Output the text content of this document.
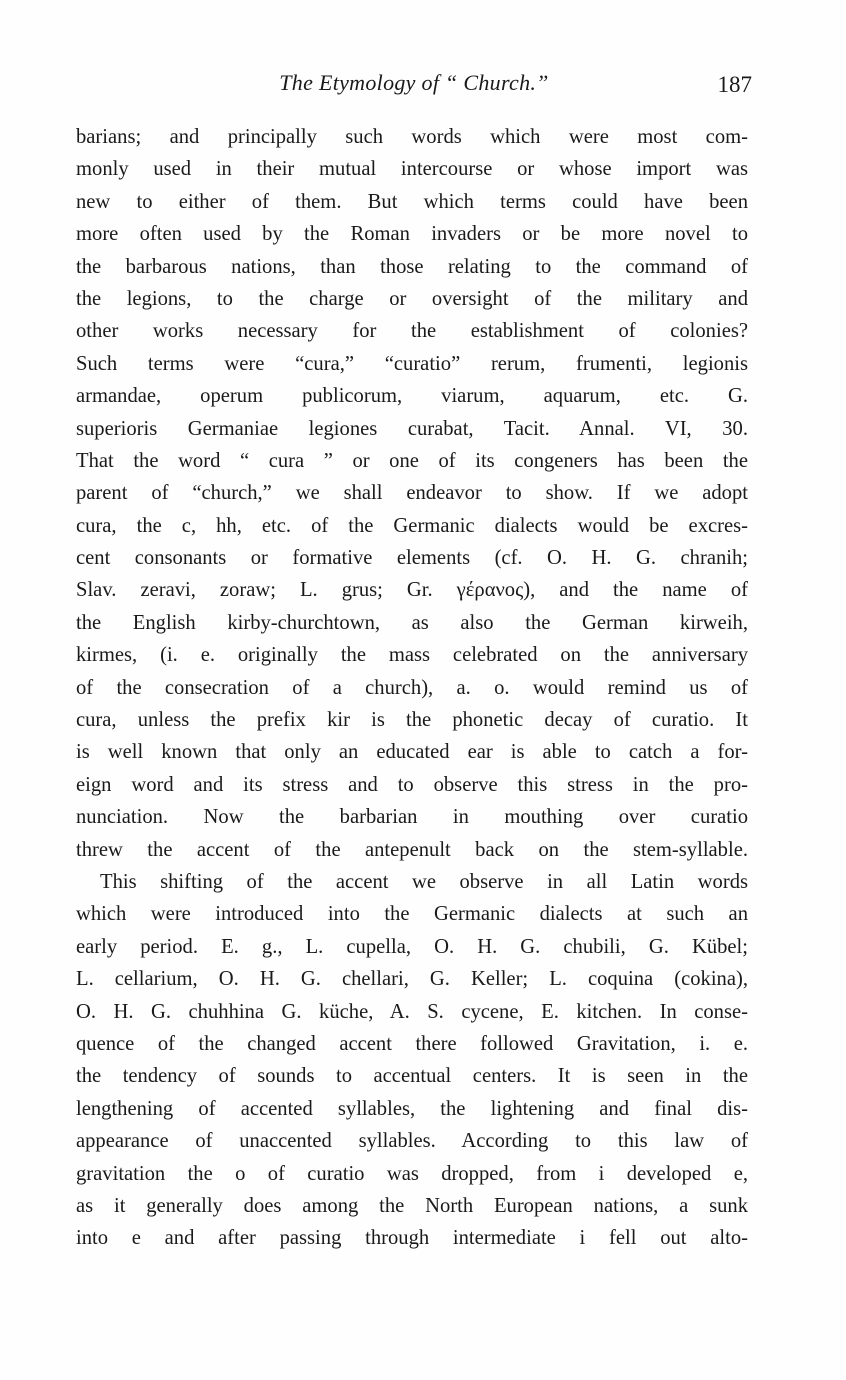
The Etymology of “ Church.”	187
barians; and principally such words which were most com-
monly used in their mutual intercourse or whose import was
new to either of them. But which terms could have been
more often used by the Roman invaders or be more novel to
the barbarous nations, than those relating to the command of
the legions, to the charge or oversight of the military and
other works necessary for the establishment of colonies?
Such terms were “cura,” “curatio” rerum, frumenti, legionis
armandae, operum publicorum, viarum, aquarum, etc. G.
superioris Germaniae legiones curabat, Tacit. Annal. VI, 30.
That the word “ cura ” or one of its congeners has been the
parent of “church,” we shall endeavor to show. If we adopt
cura, the c, hh, etc. of the Germanic dialects would be excres-
cent consonants or formative elements (cf. O. H. G. chranih;
Slav. zeravi, zoraw; L. grus; Gr. γέρανος), and the name of
the English kirby-churchtown, as also the German kirweih,
kirmes, (i. e. originally the mass celebrated on the anniversary
of the consecration of a church), a. o. would remind us of
cura, unless the prefix kir is the phonetic decay of curatio. It
is well known that only an educated ear is able to catch a for-
eign word and its stress and to observe this stress in the pro-
nunciation. Now the barbarian in mouthing over curatio
threw the accent of the antepenult back on the stem-syllable.
This shifting of the accent we observe in all Latin words
which were introduced into the Germanic dialects at such an
early period. E. g., L. cupella, O. H. G. chubili, G. Kübel;
L. cellarium, O. H. G. chellari, G. Keller; L. coquina (cokina),
O. H. G. chuhhina G. küche, A. S. cycene, E. kitchen. In conse-
quence of the changed accent there followed Gravitation, i. e.
the tendency of sounds to accentual centers. It is seen in the
lengthening of accented syllables, the lightening and final dis-
appearance of unaccented syllables. According to this law of
gravitation the o of curatio was dropped, from i developed e,
as it generally does among the North European nations, a sunk
into e and after passing through intermediate i fell out alto-
